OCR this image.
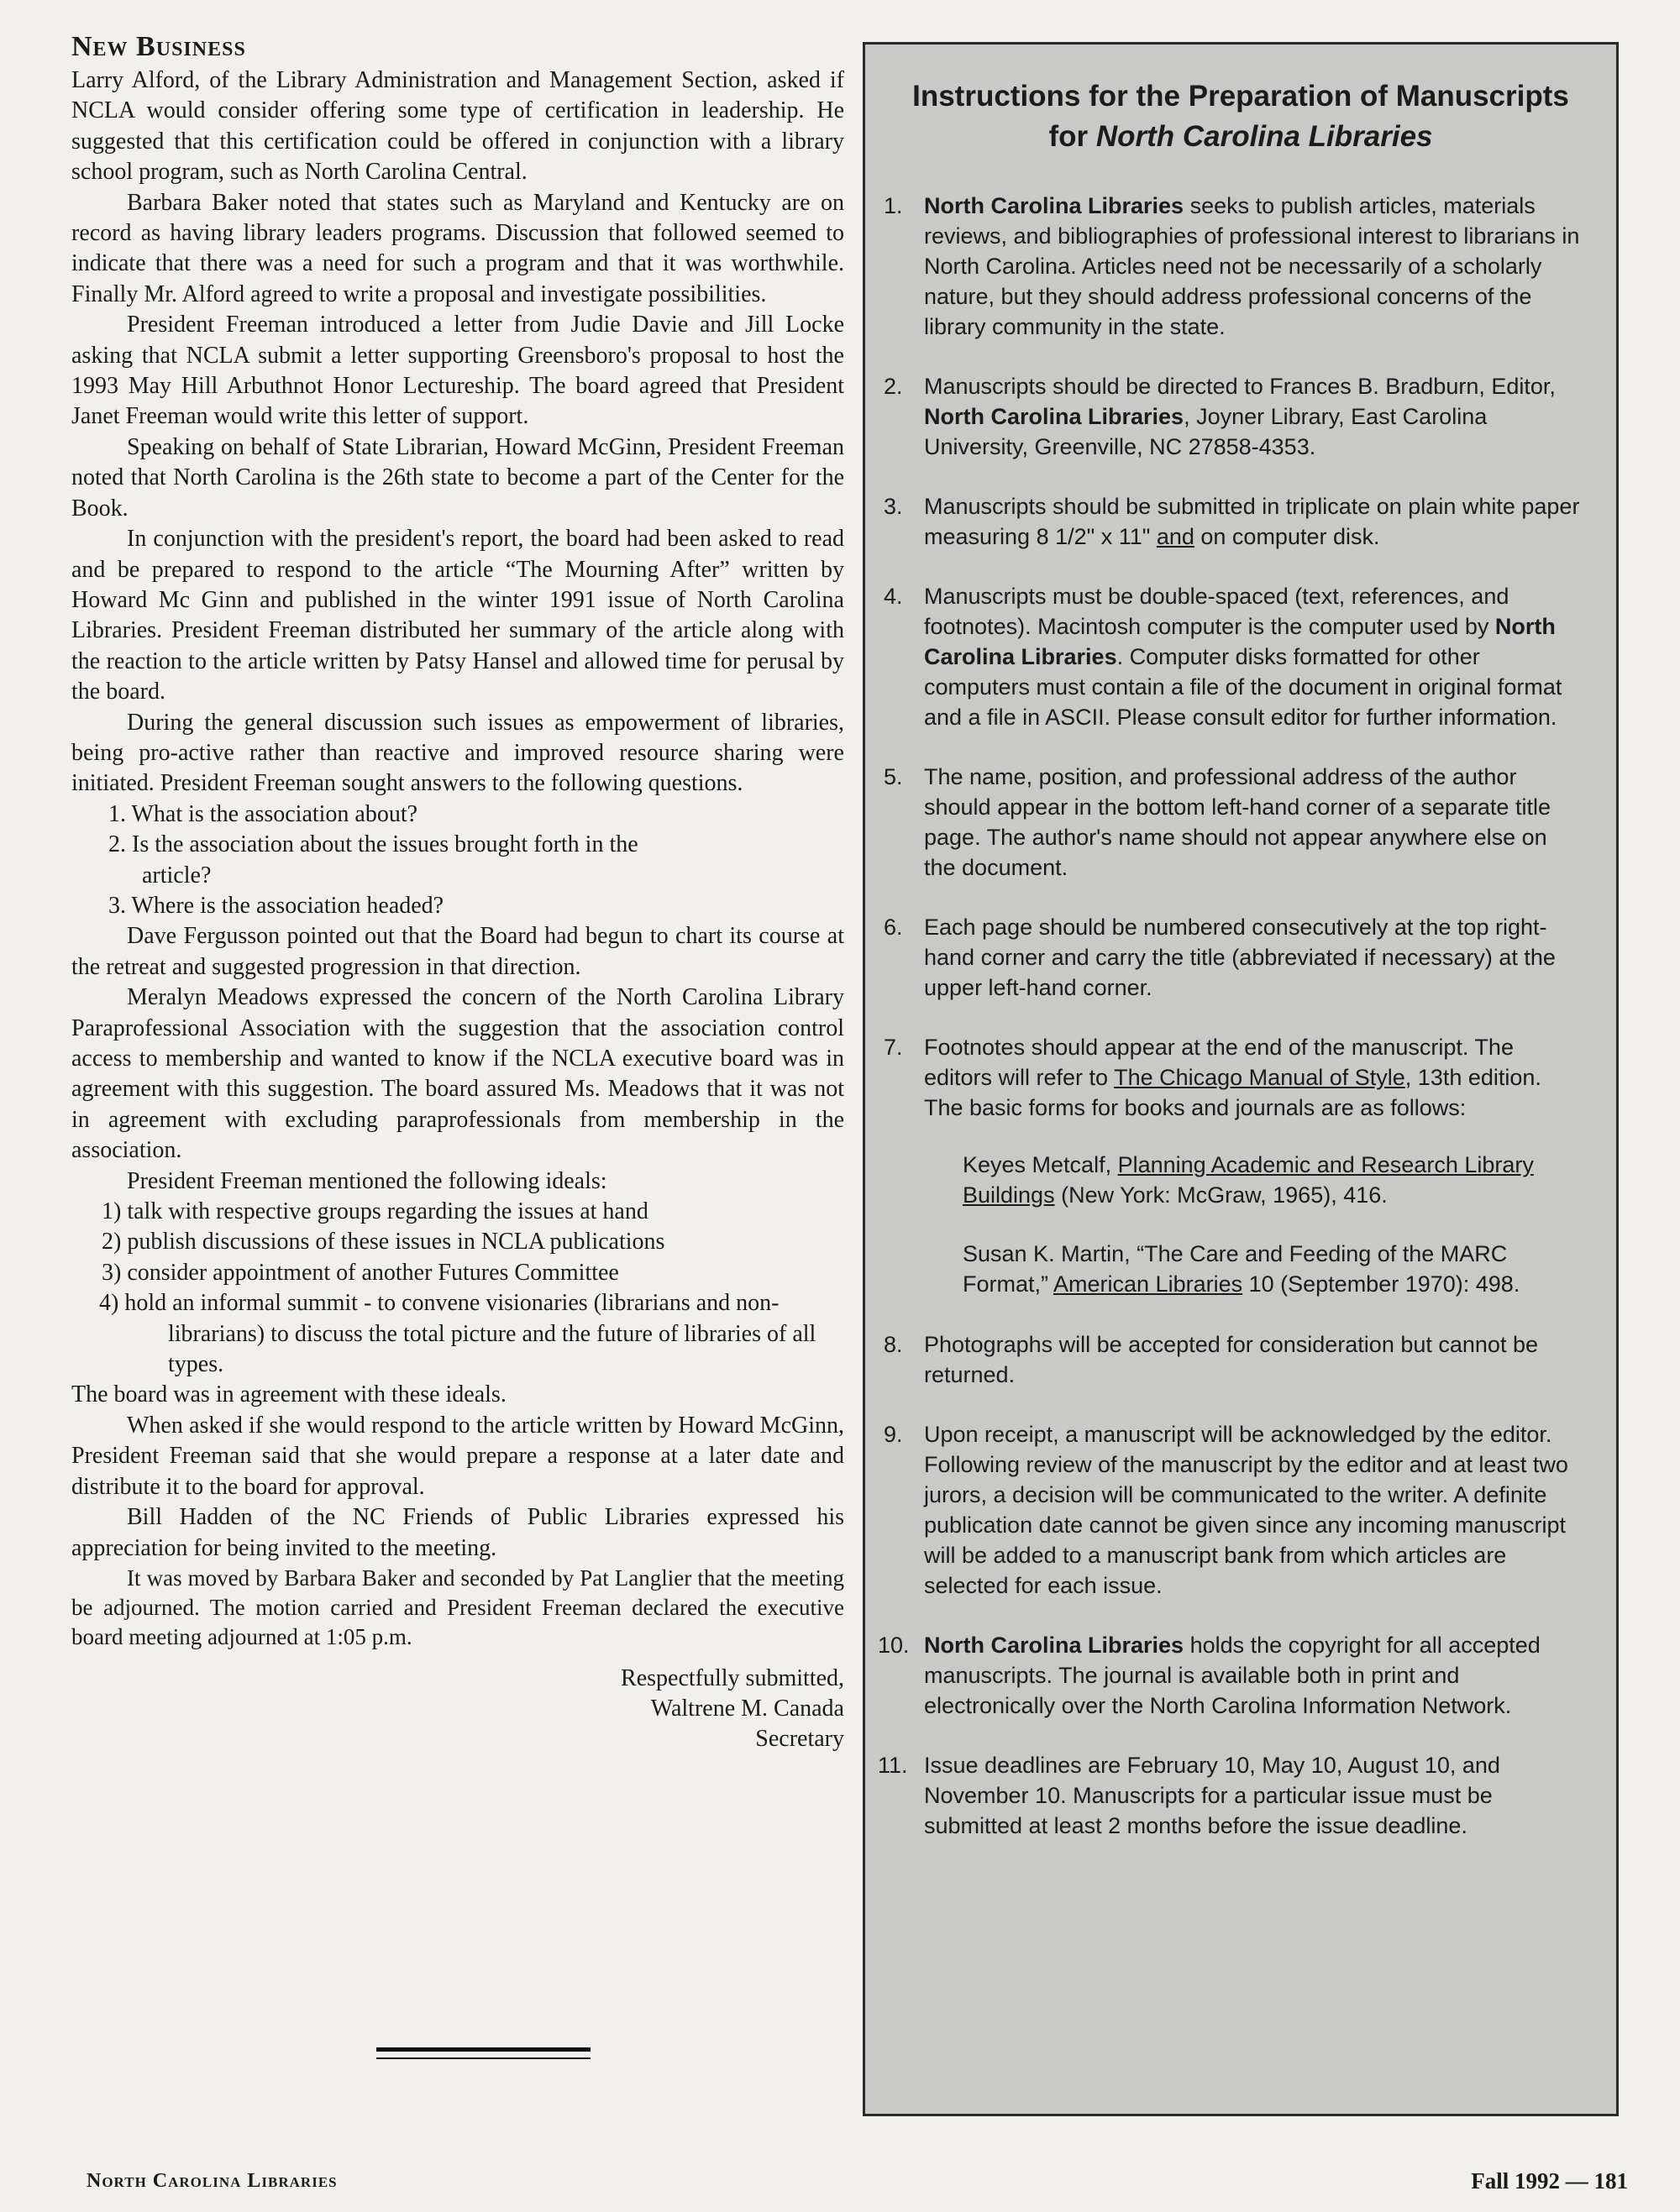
New Business

Larry Alford, of the Library Administration and Management Section, asked if NCLA would consider offering some type of certification in leadership. He suggested that this certification could be offered in conjunction with a library school program, such as North Carolina Central.

Barbara Baker noted that states such as Maryland and Kentucky are on record as having library leaders programs. Discussion that followed seemed to indicate that there was a need for such a program and that it was worthwhile. Finally Mr. Alford agreed to write a proposal and investigate possibilities.

President Freeman introduced a letter from Judie Davie and Jill Locke asking that NCLA submit a letter supporting Greensboro's proposal to host the 1993 May Hill Arbuthnot Honor Lectureship. The board agreed that President Janet Freeman would write this letter of support.

Speaking on behalf of State Librarian, Howard McGinn, President Freeman noted that North Carolina is the 26th state to become a part of the Center for the Book.

In conjunction with the president's report, the board had been asked to read and be prepared to respond to the article “The Mourning After” written by Howard Mc Ginn and published in the winter 1991 issue of North Carolina Libraries. President Freeman distributed her summary of the article along with the reaction to the article written by Patsy Hansel and allowed time for perusal by the board.

During the general discussion such issues as empowerment of libraries, being pro-active rather than reactive and improved resource sharing were initiated. President Freeman sought answers to the following questions.

1. What is the association about?
2. Is the association about the issues brought forth in the
article?
3. Where is the association headed?

Dave Fergusson pointed out that the Board had begun to chart its course at the retreat and suggested progression in that direction.

Meralyn Meadows expressed the concern of the North Carolina Library Paraprofessional Association with the suggestion that the association control access to membership and wanted to know if the NCLA executive board was in agreement with this suggestion. The board assured Ms. Meadows that it was not in agreement with excluding paraprofessionals from membership in the association.

President Freeman mentioned the following ideals:

1) talk with respective groups regarding the issues at hand
2) publish discussions of these issues in NCLA publications
3) consider appointment of another Futures Committee
4) hold an informal summit - to convene visionaries (librarians and non-librarians) to discuss the total picture and the future of libraries of all types.

The board was in agreement with these ideals.

When asked if she would respond to the article written by Howard McGinn, President Freeman said that she would prepare a response at a later date and distribute it to the board for approval.

Bill Hadden of the NC Friends of Public Libraries expressed his appreciation for being invited to the meeting.

It was moved by Barbara Baker and seconded by Pat Langlier that the meeting be adjourned. The motion carried and President Freeman declared the executive board meeting adjourned at 1:05 p.m.

Respectfully submitted,
Waltrene M. Canada
Secretary
Instructions for the Preparation of Manuscripts
for North Carolina Libraries
1. North Carolina Libraries seeks to publish articles, materials reviews, and bibliographies of professional interest to librarians in North Carolina. Articles need not be necessarily of a scholarly nature, but they should address professional concerns of the library community in the state.
2. Manuscripts should be directed to Frances B. Bradburn, Editor, North Carolina Libraries, Joyner Library, East Carolina University, Greenville, NC 27858-4353.
3. Manuscripts should be submitted in triplicate on plain white paper measuring 8 1/2" x 11" and on computer disk.
4. Manuscripts must be double-spaced (text, references, and footnotes). Macintosh computer is the computer used by North Carolina Libraries. Computer disks formatted for other computers must contain a file of the document in original format and a file in ASCII. Please consult editor for further information.
5. The name, position, and professional address of the author should appear in the bottom left-hand corner of a separate title page. The author's name should not appear anywhere else on the document.
6. Each page should be numbered consecutively at the top right-hand corner and carry the title (abbreviated if necessary) at the upper left-hand corner.
7. Footnotes should appear at the end of the manuscript. The editors will refer to The Chicago Manual of Style, 13th edition. The basic forms for books and journals are as follows:
Keyes Metcalf, Planning Academic and Research Library Buildings (New York: McGraw, 1965), 416.
Susan K. Martin, “The Care and Feeding of the MARC Format,” American Libraries 10 (September 1970): 498.
8. Photographs will be accepted for consideration but cannot be returned.
9. Upon receipt, a manuscript will be acknowledged by the editor. Following review of the manuscript by the editor and at least two jurors, a decision will be communicated to the writer. A definite publication date cannot be given since any incoming manuscript will be added to a manuscript bank from which articles are selected for each issue.
10. North Carolina Libraries holds the copyright for all accepted manuscripts. The journal is available both in print and electronically over the North Carolina Information Network.
11. Issue deadlines are February 10, May 10, August 10, and November 10. Manuscripts for a particular issue must be submitted at least 2 months before the issue deadline.
North Carolina Libraries	Fall 1992 — 181
